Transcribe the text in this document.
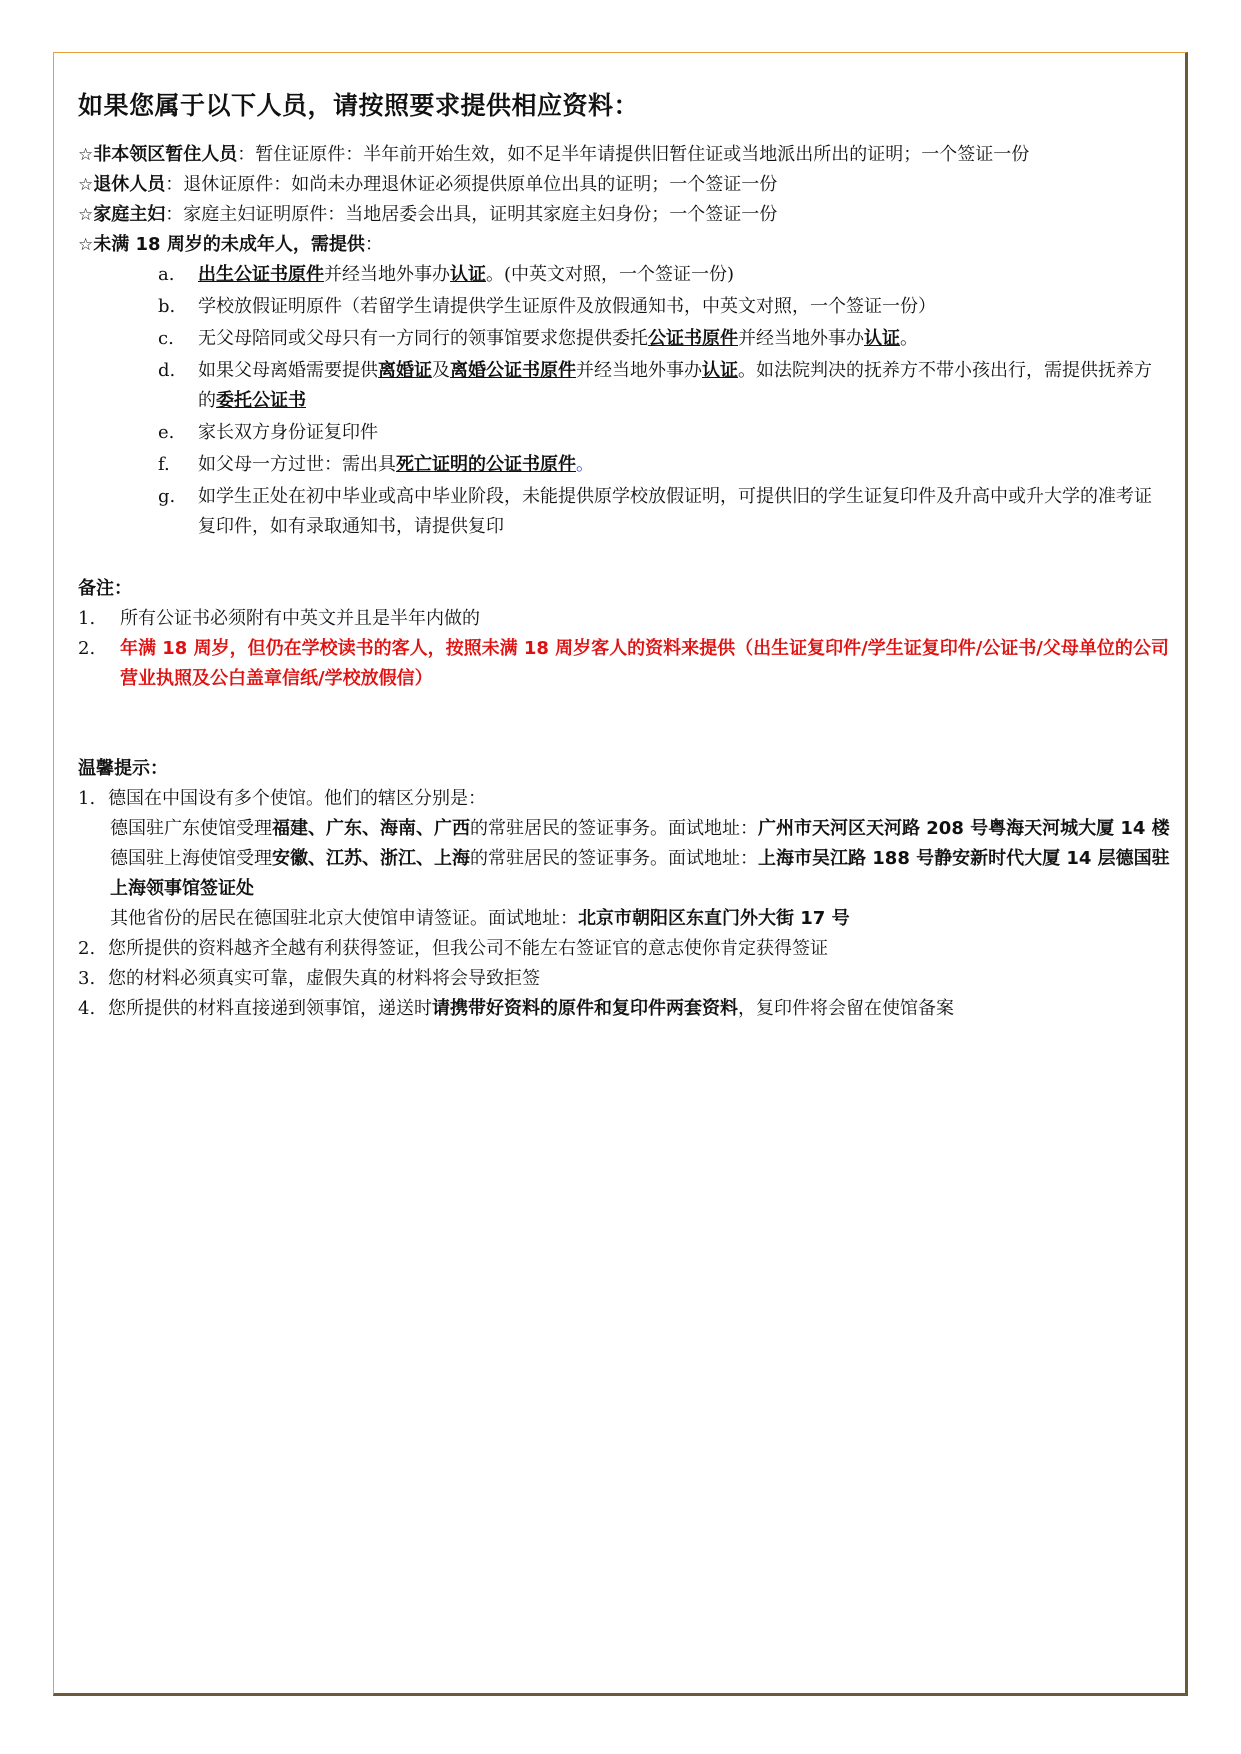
如果您属于以下人员，请按照要求提供相应资料：
☆非本领区暂住人员：暂住证原件：半年前开始生效，如不足半年请提供旧暂住证或当地派出所出的证明；一个签证一份
☆退休人员：退休证原件：如尚未办理退休证必须提供原单位出具的证明；一个签证一份
☆家庭主妇：家庭主妇证明原件：当地居委会出具，证明其家庭主妇身份；一个签证一份
☆未满 18 周岁的未成年人，需提供：
a. 出生公证书原件并经当地外事办认证。(中英文对照，一个签证一份)
b. 学校放假证明原件（若留学生请提供学生证原件及放假通知书，中英文对照，一个签证一份）
c. 无父母陪同或父母只有一方同行的领事馆要求您提供委托公证书原件并经当地外事办认证。
d. 如果父母离婚需要提供离婚证及离婚公证书原件并经当地外事办认证。如法院判决的抚养方不带小孩出行，需提供抚养方的委托公证书
e. 家长双方身份证复印件
f. 如父母一方过世：需出具死亡证明的公证书原件。
g. 如学生正处在初中毕业或高中毕业阶段，未能提供原学校放假证明，可提供旧的学生证复印件及升高中或升大学的准考证复印件，如有录取通知书，请提供复印
备注：
1. 所有公证书必须附有中英文并且是半年内做的
2. 年满 18 周岁，但仍在学校读书的客人，按照未满 18 周岁客人的资料来提供（出生证复印件/学生证复印件/公证书/父母单位的公司营业执照及公白盖章信纸/学校放假信）
温馨提示：
1. 德国在中国设有多个使馆。他们的辖区分别是：
德国驻广东使馆受理福建、广东、海南、广西的常驻居民的签证事务。面试地址：广州市天河区天河路 208 号粤海天河城大厦 14 楼
德国驻上海使馆受理安徽、江苏、浙江、上海的常驻居民的签证事务。面试地址：上海市吴江路 188 号静安新时代大厦 14 层德国驻上海领事馆签证处
其他省份的居民在德国驻北京大使馆申请签证。面试地址：北京市朝阳区东直门外大街 17 号
2. 您所提供的资料越齐全越有利获得签证，但我公司不能左右签证官的意志使你肯定获得签证
3. 您的材料必须真实可靠，虚假失真的材料将会导致拒签
4. 您所提供的材料直接递到领事馆，递送时请携带好资料的原件和复印件两套资料，复印件将会留在使馆备案
